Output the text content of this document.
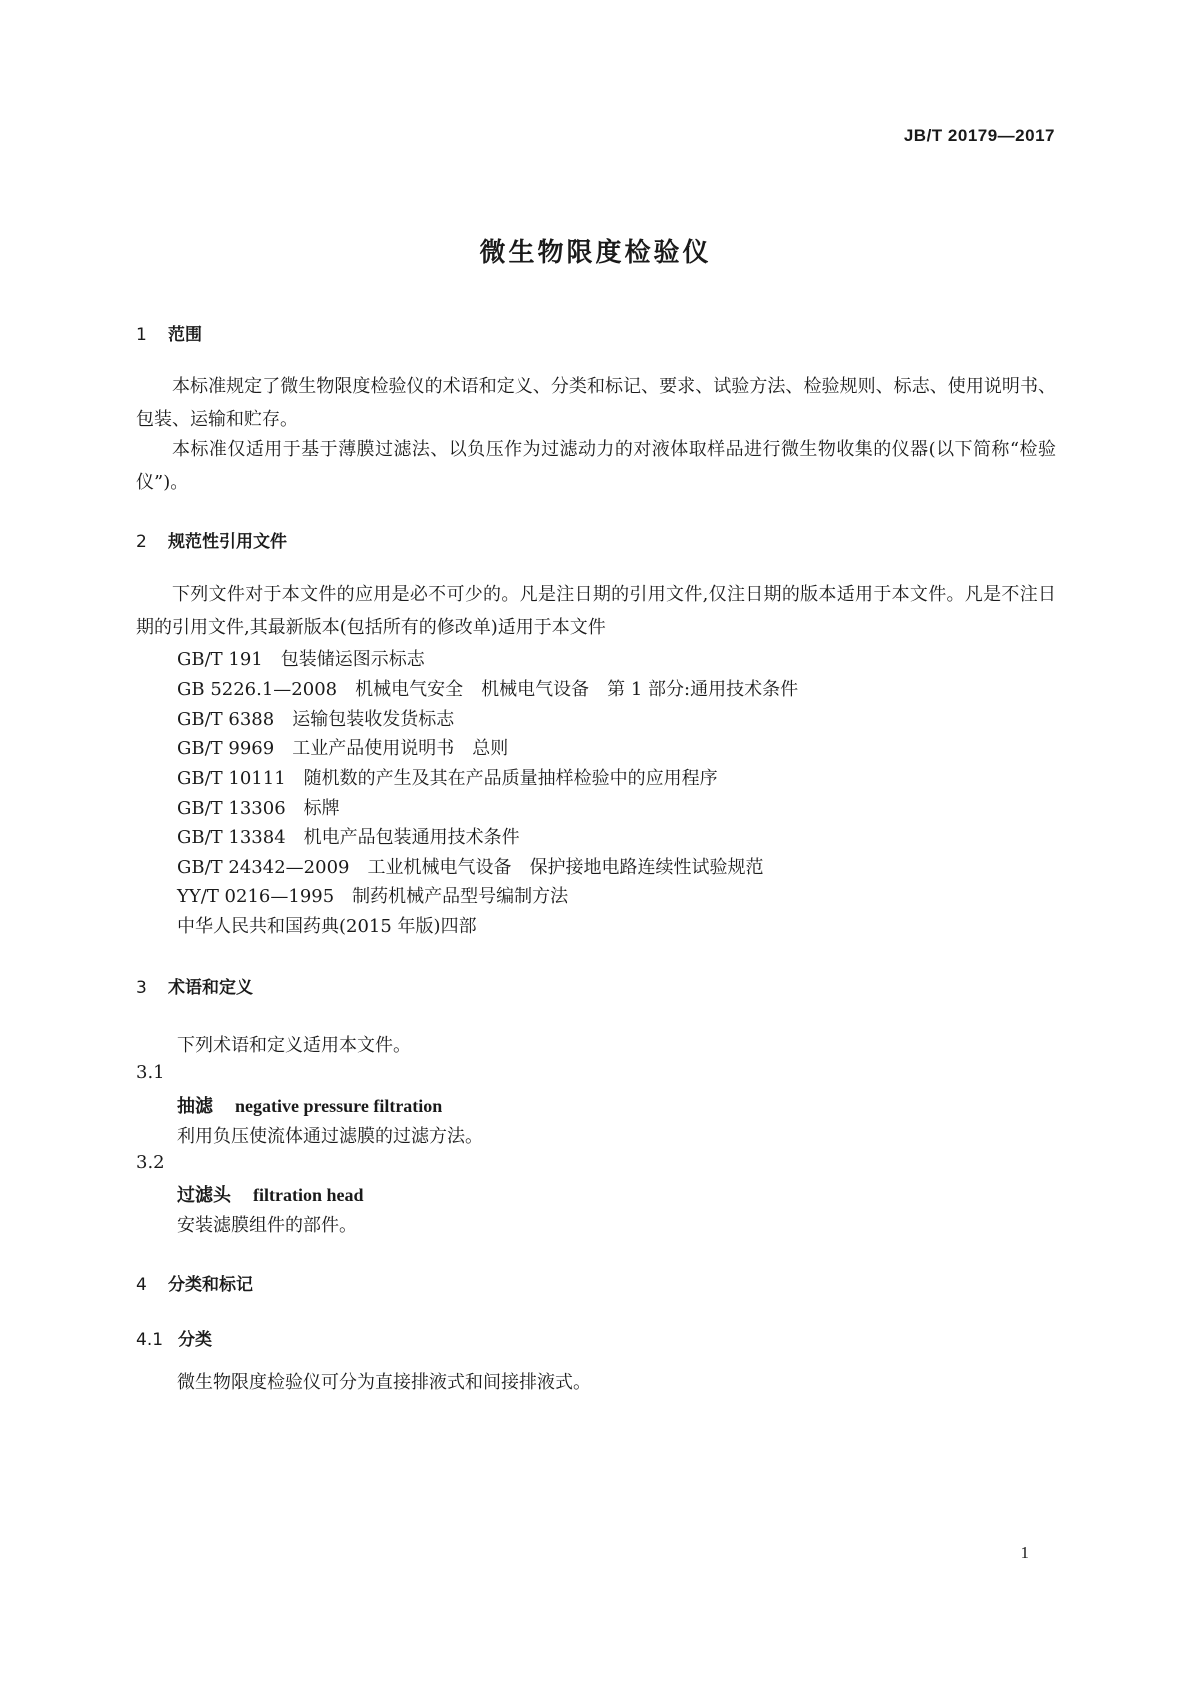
JB/T 20179—2017
微生物限度检验仪
1 范围
本标准规定了微生物限度检验仪的术语和定义、分类和标记、要求、试验方法、检验规则、标志、使用说明书、包装、运输和贮存。
本标准仅适用于基于薄膜过滤法、以负压作为过滤动力的对液体取样品进行微生物收集的仪器(以下简称“检验仪”)。
2 规范性引用文件
下列文件对于本文件的应用是必不可少的。凡是注日期的引用文件,仅注日期的版本适用于本文件。凡是不注日期的引用文件,其最新版本(包括所有的修改单)适用于本文件
GB/T 191　包装储运图示标志
GB 5226.1—2008　机械电气安全　机械电气设备　第 1 部分:通用技术条件
GB/T 6388　运输包装收发货标志
GB/T 9969　工业产品使用说明书　总则
GB/T 10111　随机数的产生及其在产品质量抽样检验中的应用程序
GB/T 13306　标牌
GB/T 13384　机电产品包装通用技术条件
GB/T 24342—2009　工业机械电气设备　保护接地电路连续性试验规范
YY/T 0216—1995　制药机械产品型号编制方法
中华人民共和国药典(2015 年版)四部
3 术语和定义
下列术语和定义适用本文件。
3.1
抽滤 negative pressure filtration
利用负压使流体通过滤膜的过滤方法。
3.2
过滤头 filtration head
安装滤膜组件的部件。
4 分类和标记
4.1 分类
微生物限度检验仪可分为直接排液式和间接排液式。
1
